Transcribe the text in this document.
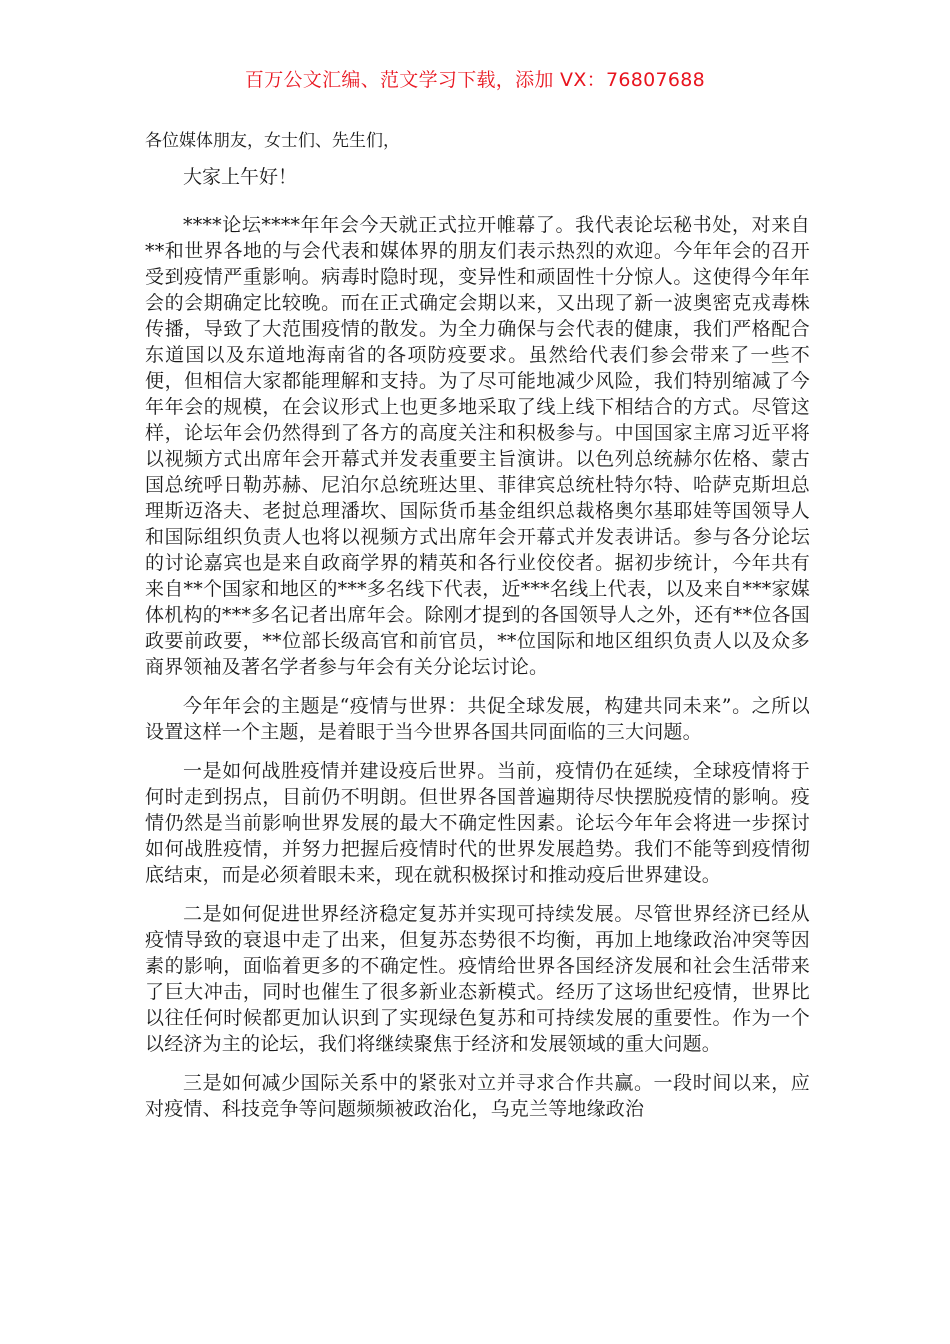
百万公文汇编、范文学习下载，添加 VX：76807688

各位媒体朋友，女士们、先生们，

大家上午好！

****论坛****年年会今天就正式拉开帷幕了。我代表论坛秘书处，对来自**和世界各地的与会代表和媒体界的朋友们表示热烈的欢迎。今年年会的召开受到疫情严重影响。病毒时隐时现，变异性和顽固性十分惊人。这使得今年年会的会期确定比较晚。而在正式确定会期以来，又出现了新一波奥密克戎毒株传播，导致了大范围疫情的散发。为全力确保与会代表的健康，我们严格配合东道国以及东道地海南省的各项防疫要求。虽然给代表们参会带来了一些不便，但相信大家都能理解和支持。为了尽可能地减少风险，我们特别缩减了今年年会的规模，在会议形式上也更多地采取了线上线下相结合的方式。尽管这样，论坛年会仍然得到了各方的高度关注和积极参与。中国国家主席习近平将以视频方式出席年会开幕式并发表重要主旨演讲。以色列总统赫尔佐格、蒙古国总统呼日勒苏赫、尼泊尔总统班达里、菲律宾总统杜特尔特、哈萨克斯坦总理斯迈洛夫、老挝总理潘坎、国际货币基金组织总裁格奥尔基耶娃等国领导人和国际组织负责人也将以视频方式出席年会开幕式并发表讲话。参与各分论坛的讨论嘉宾也是来自政商学界的精英和各行业佼佼者。据初步统计，今年共有来自**个国家和地区的***多名线下代表，近***名线上代表，以及来自***家媒体机构的***多名记者出席年会。除刚才提到的各国领导人之外，还有**位各国政要前政要，**位部长级高官和前官员，**位国际和地区组织负责人以及众多商界领袖及著名学者参与年会有关分论坛讨论。

今年年会的主题是“疫情与世界：共促全球发展，构建共同未来”。之所以设置这样一个主题，是着眼于当今世界各国共同面临的三大问题。

一是如何战胜疫情并建设疫后世界。当前，疫情仍在延续，全球疫情将于何时走到拐点，目前仍不明朗。但世界各国普遍期待尽快摆脱疫情的影响。疫情仍然是当前影响世界发展的最大不确定性因素。论坛今年年会将进一步探讨如何战胜疫情，并努力把握后疫情时代的世界发展趋势。我们不能等到疫情彻底结束，而是必须着眼未来，现在就积极探讨和推动疫后世界建设。

二是如何促进世界经济稳定复苏并实现可持续发展。尽管世界经济已经从疫情导致的衰退中走了出来，但复苏态势很不均衡，再加上地缘政治冲突等因素的影响，面临着更多的不确定性。疫情给世界各国经济发展和社会生活带来了巨大冲击，同时也催生了很多新业态新模式。经历了这场世纪疫情，世界比以往任何时候都更加认识到了实现绿色复苏和可持续发展的重要性。作为一个以经济为主的论坛，我们将继续聚焦于经济和发展领域的重大问题。

三是如何减少国际关系中的紧张对立并寻求合作共赢。一段时间以来，应对疫情、科技竞争等问题频频被政治化，乌克兰等地缘政治
